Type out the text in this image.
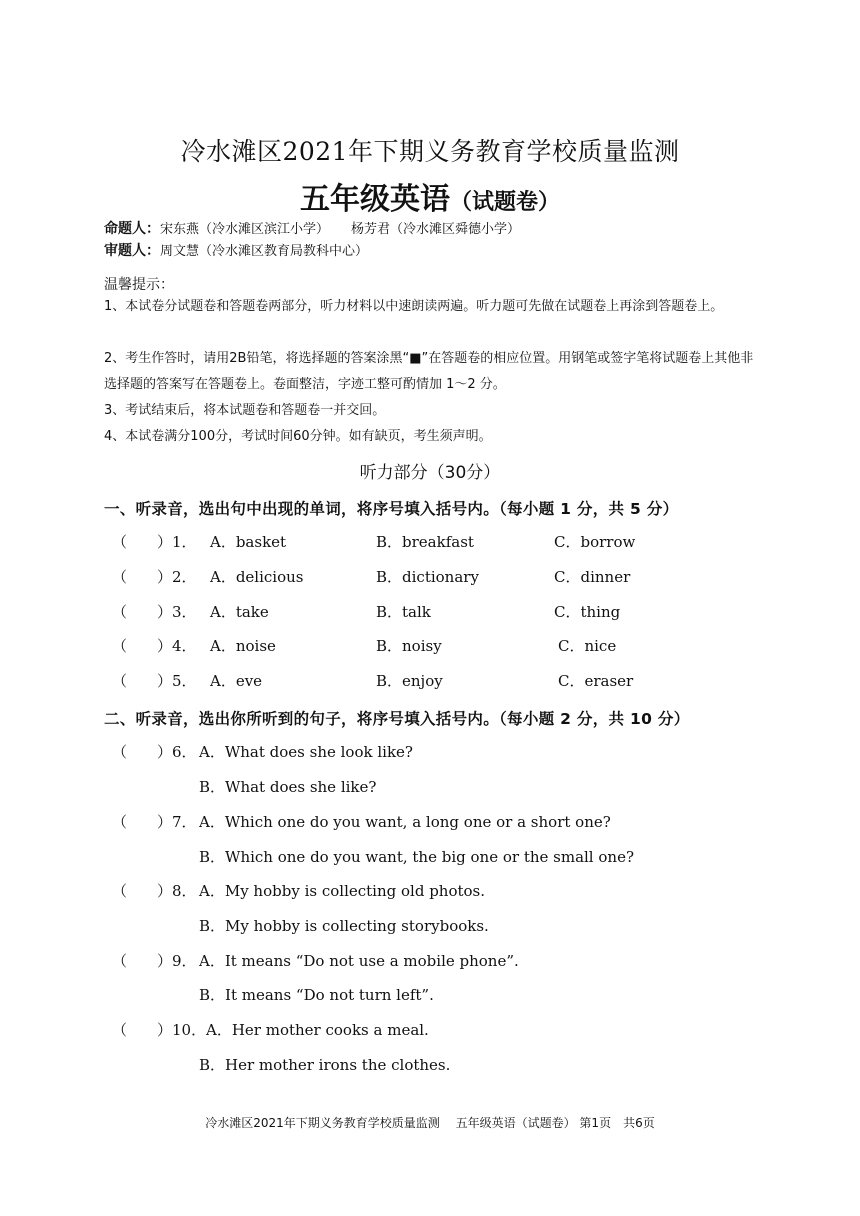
冷水滩区2021年下期义务教育学校质量监测
五年级英语（试题卷）
命题人：宋东燕（冷水滩区滨江小学） 杨芳君（冷水滩区舜德小学）
审题人：周文慧（冷水滩区教育局教科中心）
温馨提示：
1、本试卷分试题卷和答题卷两部分，听力材料以中速朗读两遍。听力题可先做在试题卷上再涂到答题卷上。
2、考生作答时，请用2B铅笔，将选择题的答案涂黑“■”在答题卷的相应位置。用钢笔或签字笔将试题卷上其他非选择题的答案写在答题卷上。卷面整洁，字迹工整可酌情加 1～2 分。
3、考试结束后，将本试题卷和答题卷一并交回。
4、本试卷满分100分，考试时间60分钟。如有缺页，考生须声明。
听力部分（30分）
一、听录音，选出句中出现的单词，将序号填入括号内。（每小题 1 分，共 5 分）
（ ） 1． A．basket	B．breakfast	C．borrow
（ ） 2． A．delicious	B．dictionary	C．dinner
（ ） 3． A．take	B．talk	C．thing
（ ） 4． A．noise	B．noisy	C．nice
（ ） 5． A．eve	B．enjoy	C．eraser
二、听录音，选出你所听到的句子，将序号填入括号内。（每小题 2 分，共 10 分）
（ ） 6． A．What does she look like?
B．What does she like?
（ ） 7． A．Which one do you want, a long one or a short one?
B．Which one do you want, the big one or the small one?
（ ） 8． A．My hobby is collecting old photos.
B．My hobby is collecting storybooks.
（ ） 9． A．It means “Do not use a mobile phone”.
B．It means “Do not turn left”.
（ ） 10． A．Her mother cooks a meal.
B．Her mother irons the clothes.
冷水滩区2021年下期义务教育学校质量监测　 五年级英语（试题卷） 第1页　共6页
